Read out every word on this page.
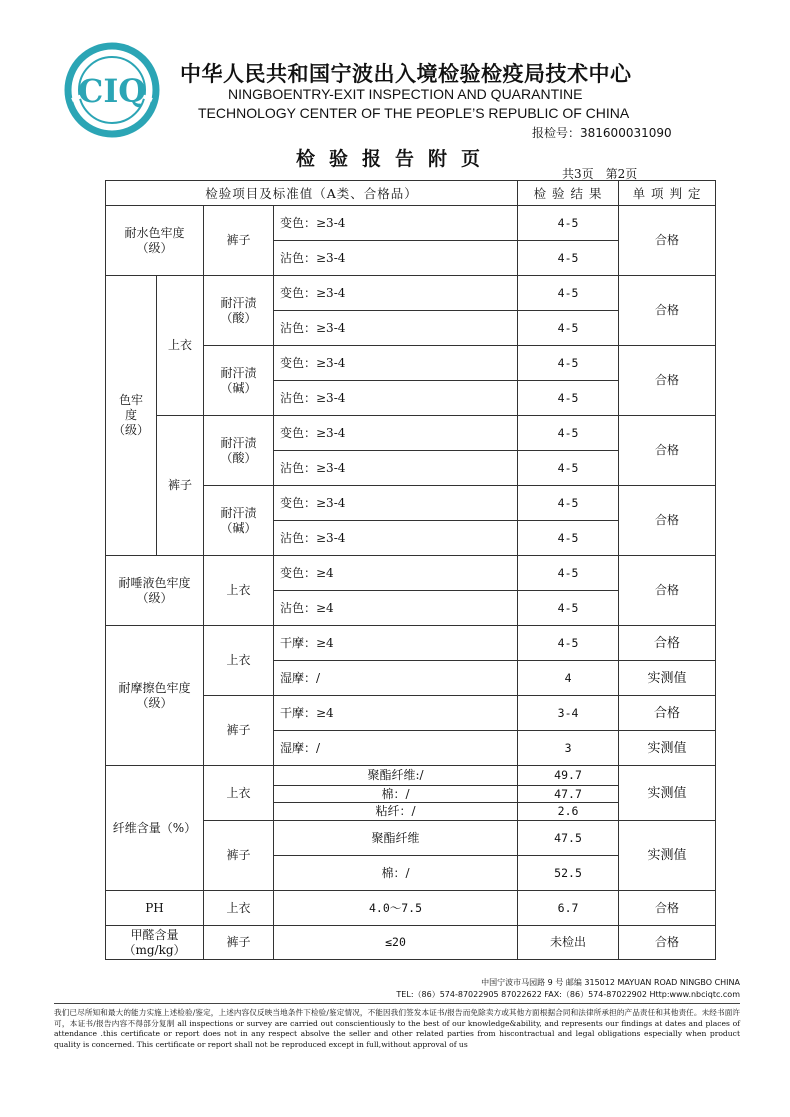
CIQ 中华人民共和国宁波出入境检验检疫局技术中心
NINGBOENTRY-EXIT INSPECTION AND QUARANTINE
TECHNOLOGY CENTER OF THE PEOPLE’S REPUBLIC OF CHINA
报检号：381600031090
检验报告附页
共3页 第2页
检验项目及标准值（A类、合格品）				检 验 结 果	单 项 判 定
耐水色牢度
（级）		裤子	变色：≥3-4	4-5	合格
			沾色：≥3-4	4-5	
色牢
度
（级）	上衣	耐汗渍
（酸）	变色：≥3-4	4-5	合格
			沾色：≥3-4	4-5	
		耐汗渍
（碱）	变色：≥3-4	4-5	合格
			沾色：≥3-4	4-5	
	裤子	耐汗渍
（酸）	变色：≥3-4	4-5	合格
			沾色：≥3-4	4-5	
		耐汗渍
（碱）	变色：≥3-4	4-5	合格
			沾色：≥3-4	4-5	
耐唾液色牢度
（级）		上衣	变色：≥4	4-5	合格
			沾色：≥4	4-5	
耐摩擦色牢度
（级）		上衣	干摩：≥4	4-5	合格
			湿摩：/	4	实测值
		裤子	干摩：≥4	3-4	合格
			湿摩：/	3	实测值
纤维含量（%）		上衣	聚酯纤维:/	49.7	实测值
			棉：/	47.7	
			粘纤：/	2.6	
		裤子	聚酯纤维	47.5	实测值
			棉：/	52.5	
PH		上衣	4.0～7.5	6.7	合格
甲醛含量
（mg/kg）		裤子	≤20	未检出	合格
中国宁波市马园路 9 号 邮编 315012 MAYUAN ROAD NINGBO CHINA
TEL:（86）574-87022905 87022622 FAX:（86）574-87022902 Http:www.nbciqtc.com
我们已尽所知和最大的能力实施上述检验/鉴定，上述内容仅反映当地条件下检验/鉴定情况，不能因我们签发本证书/报告而免除卖方或其他方面根据合同和法律所承担的产品责任和其他责任。未经书面许可，本证书/报告内容不得部分复制 all inspections or survey are carried out conscientiously to the best of our knowledge&ability, and represents our findings at dates and places of attendance .this certificate or report does not in any respect absolve the seller and other related parties from hiscontractual and legal obligations especially when product quality is concerned. This certificate or report shall not be reproduced except in full,without approval of us
